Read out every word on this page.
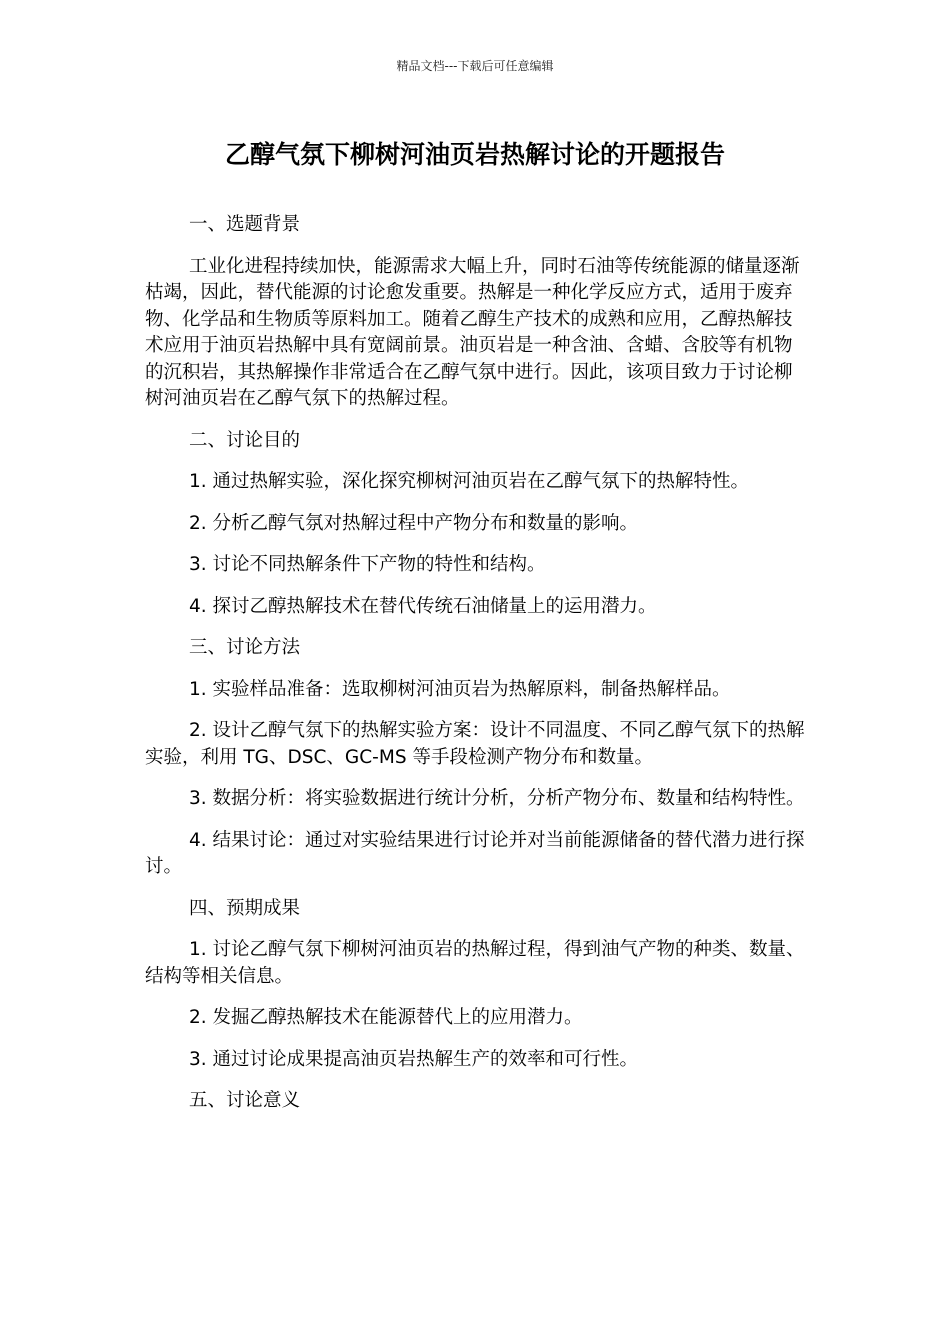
精品文档---下载后可任意编辑
乙醇气氛下柳树河油页岩热解讨论的开题报告

一、选题背景

工业化进程持续加快，能源需求大幅上升，同时石油等传统能源的储量逐渐枯竭，因此，替代能源的讨论愈发重要。热解是一种化学反应方式，适用于废弃物、化学品和生物质等原料加工。随着乙醇生产技术的成熟和应用，乙醇热解技术应用于油页岩热解中具有宽阔前景。油页岩是一种含油、含蜡、含胶等有机物的沉积岩，其热解操作非常适合在乙醇气氛中进行。因此，该项目致力于讨论柳树河油页岩在乙醇气氛下的热解过程。

二、讨论目的

1. 通过热解实验，深化探究柳树河油页岩在乙醇气氛下的热解特性。

2. 分析乙醇气氛对热解过程中产物分布和数量的影响。

3. 讨论不同热解条件下产物的特性和结构。

4. 探讨乙醇热解技术在替代传统石油储量上的运用潜力。

三、讨论方法

1. 实验样品准备：选取柳树河油页岩为热解原料，制备热解样品。

2. 设计乙醇气氛下的热解实验方案：设计不同温度、不同乙醇气氛下的热解实验，利用 TG、DSC、GC-MS 等手段检测产物分布和数量。

3. 数据分析：将实验数据进行统计分析，分析产物分布、数量和结构特性。

4. 结果讨论：通过对实验结果进行讨论并对当前能源储备的替代潜力进行探讨。

四、预期成果

1. 讨论乙醇气氛下柳树河油页岩的热解过程，得到油气产物的种类、数量、结构等相关信息。

2. 发掘乙醇热解技术在能源替代上的应用潜力。

3. 通过讨论成果提高油页岩热解生产的效率和可行性。

五、讨论意义
